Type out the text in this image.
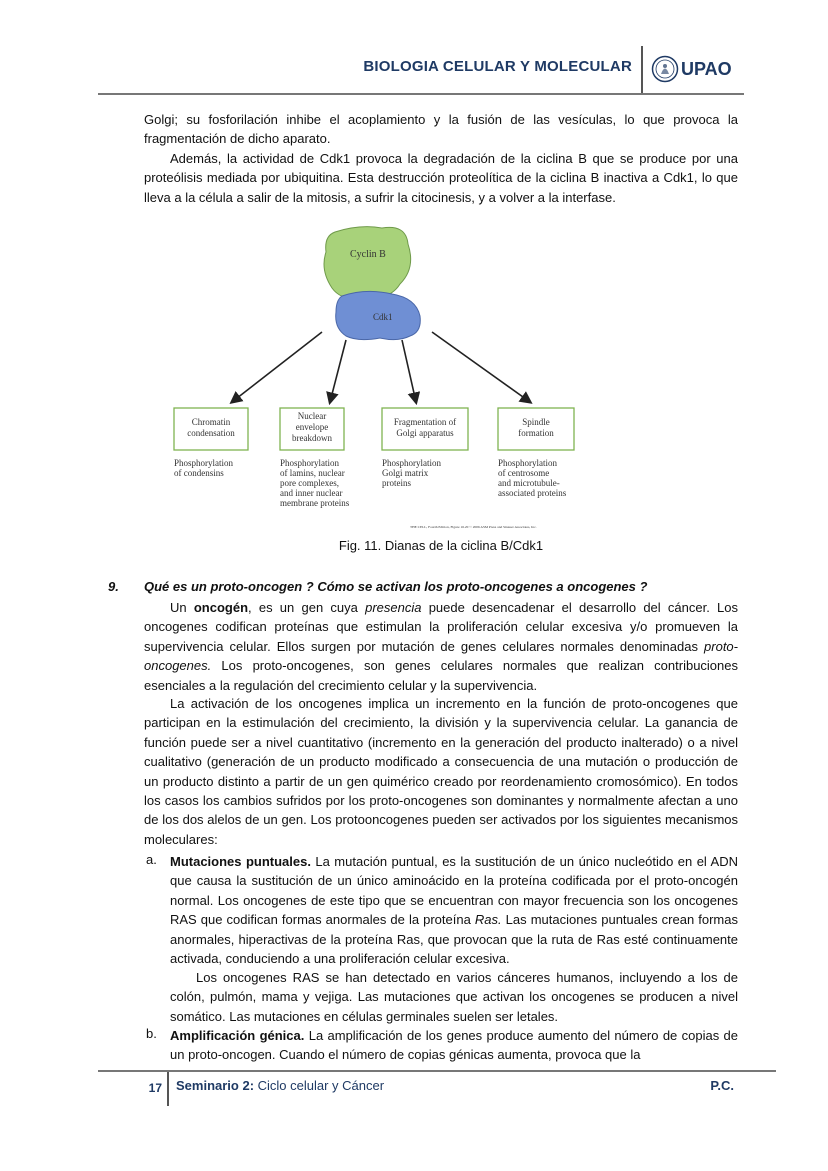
BIOLOGIA CELULAR Y MOLECULAR	UPAO
Golgi; su fosforilación inhibe el acoplamiento y la fusión de las vesículas, lo que provoca la fragmentación de dicho aparato.
Además, la actividad de Cdk1 provoca la degradación de la ciclina B que se produce por una proteólisis mediada por ubiquitina. Esta destrucción proteolítica de la ciclina B inactiva a Cdk1, lo que lleva a la célula a salir de la mitosis, a sufrir la citocinesis, y a volver a la interfase.
Cyclin B
Cdk1
Chromatin
condensation
Nuclear
envelope
breakdown
Fragmentation of
Golgi apparatus
Spindle
formation
Phosphorylation
of condensins
Phosphorylation
of lamins, nuclear
pore complexes,
and inner nuclear
membrane proteins
Phosphorylation
Golgi matrix
proteins
Phosphorylation
of centrosome
and microtubule-
associated proteins
THE CELL, Fourth Edition, Figure 16.20 © 2006 ASM Press and Sinauer Associates, Inc.
Fig. 11. Dianas de la ciclina B/Cdk1
9. Qué es un proto-oncogen ? Cómo se activan los proto-oncogenes a oncogenes ?
Un oncogén, es un gen cuya presencia puede desencadenar el desarrollo del cáncer. Los oncogenes codifican proteínas que estimulan la proliferación celular excesiva y/o promueven la supervivencia celular. Ellos surgen por mutación de genes celulares normales denominadas proto-oncogenes. Los proto-oncogenes, son genes celulares normales que realizan contribuciones esenciales a la regulación del crecimiento celular y la supervivencia.
La activación de los oncogenes implica un incremento en la función de proto-oncogenes que participan en la estimulación del crecimiento, la división y la supervivencia celular. La ganancia de función puede ser a nivel cuantitativo (incremento en la generación del producto inalterado) o a nivel cualitativo (generación de un producto modificado a consecuencia de una mutación o producción de un producto distinto a partir de un gen quimérico creado por reordenamiento cromosómico). En todos los casos los cambios sufridos por los proto-oncogenes son dominantes y normalmente afectan a uno de los dos alelos de un gen. Los protooncogenes pueden ser activados por los siguientes mecanismos moleculares:
a. Mutaciones puntuales. La mutación puntual, es la sustitución de un único nucleótido en el ADN que causa la sustitución de un único aminoácido en la proteína codificada por el proto-oncogén normal. Los oncogenes de este tipo que se encuentran con mayor frecuencia son los oncogenes RAS que codifican formas anormales de la proteína Ras. Las mutaciones puntuales crean formas anormales, hiperactivas de la proteína Ras, que provocan que la ruta de Ras esté continuamente activada, conduciendo a una proliferación celular excesiva.
Los oncogenes RAS se han detectado en varios cánceres humanos, incluyendo a los de colón, pulmón, mama y vejiga. Las mutaciones que activan los oncogenes se producen a nivel somático. Las mutaciones en células germinales suelen ser letales.
b. Amplificación génica. La amplificación de los genes produce aumento del número de copias de un proto-oncogen. Cuando el número de copias génicas aumenta, provoca que la
17 Seminario 2: Ciclo celular y Cáncer	P.C.
